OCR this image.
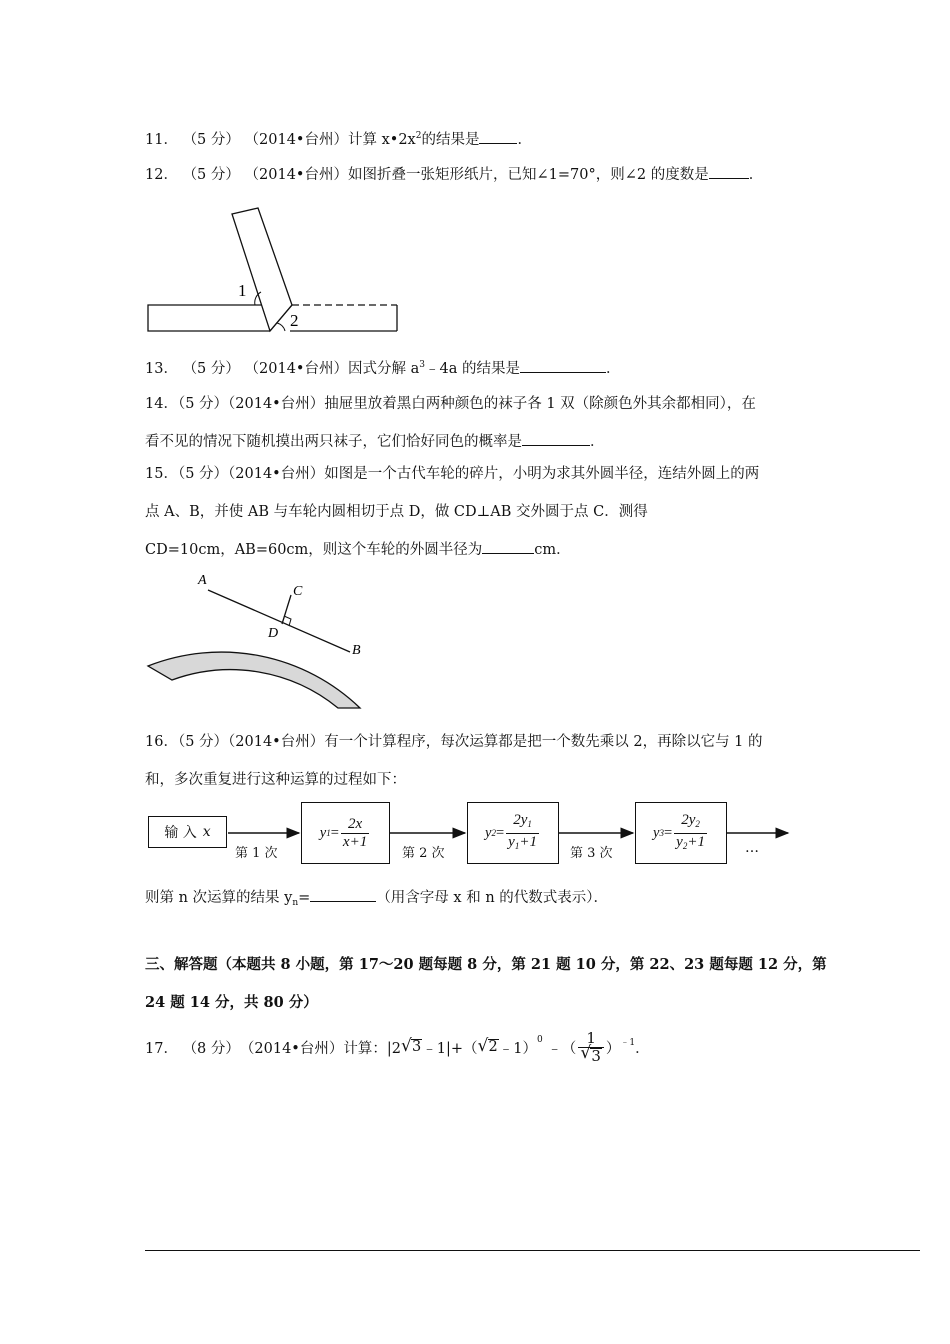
11． （5 分） （2014•台州）计算 $x•2x^2$的结果是	．
12． （5 分） （2014•台州）如图折叠一张矩形纸片，已知∠1=70°，则∠2 的度数是	．
1
2
13． （5 分） （2014•台州）因式分解 $a^3﹣4a$ 的结果是	．
14．（5 分）（2014•台州）抽屉里放着黑白两种颜色的袜子各 1 双（除颜色外其余都相同），在
看不见的情况下随机摸出两只袜子，它们恰好同色的概率是	．
15．（5 分）（2014•台州）如图是一个古代车轮的碎片，小明为求其外圆半径，连结外圆上的两
点 A、B，并使 AB 与车轮内圆相切于点 D，做 CD⊥AB 交外圆于点 C．测得
CD=10cm，AB=60cm，则这个车轮的外圆半径为	cm．
A
C
D
B
16．（5 分）（2014•台州）有一个计算程序，每次运算都是把一个数先乘以 2，再除以它与 1 的
和，多次重复进行这种运算的过程如下：
输 入 x
第 1 次	第 2 次	第 3 次	…
y $1 = \frac{2x}{x+1}$	y $2 = \frac{2y_1}{y_1+1}$	y $3 = \frac{2y_2}{y_2+1}$
则第 n 次运算的结果 $y_n=$	（用含字母 x 和 n 的代数式表示）．
三、解答题（本题共 8 小题，第 17～20 题每题 8 分，第 21 题 10 分，第 22、23 题每题 12 分，第
24 题 14 分，共 80 分）
17．
（8 分） （2014•台州） 计算：|2 √ 3 ﹣1|+（ √ 2 ﹣1）
$^0$

﹣（ 1
√ 3 ）$^{﹣1}$ ．
